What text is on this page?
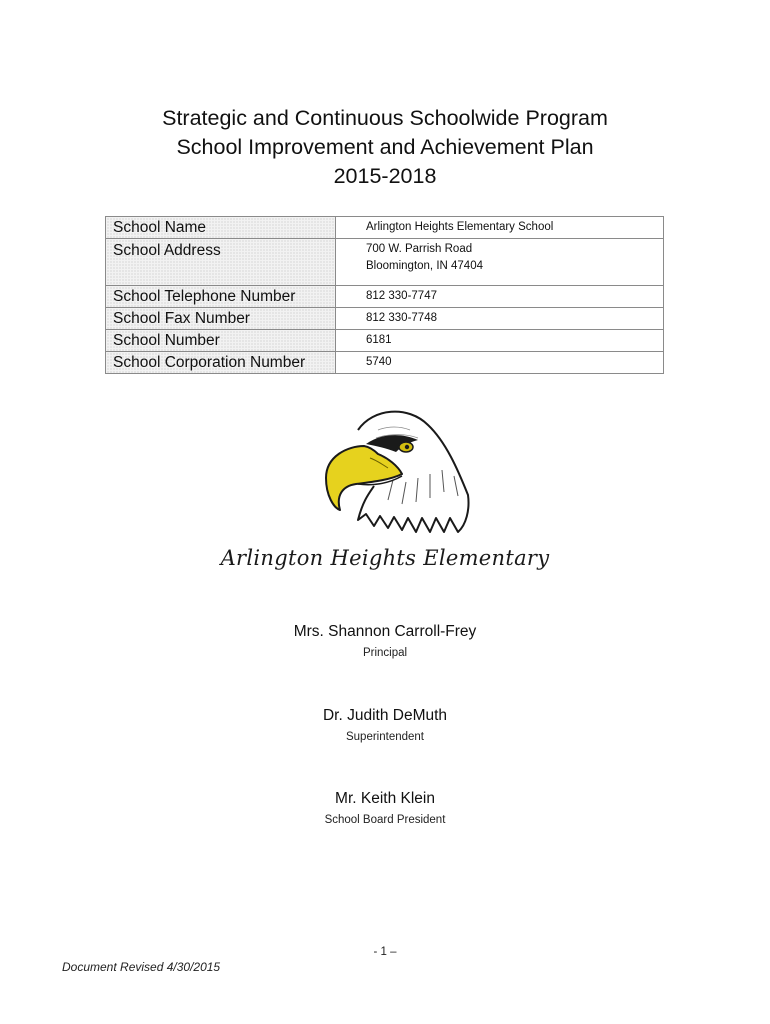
Strategic and Continuous Schoolwide Program
School Improvement and Achievement Plan
2015-2018
School Name	Arlington Heights Elementary School
School Address	700 W. Parrish Road
Bloomington, IN 47404

School Telephone Number	812 330-7747
School Fax Number	812 330-7748
School Number	6181
School Corporation Number	5740
Arlington Heights Elementary
Mrs. Shannon Carroll-Frey
Principal
Dr. Judith DeMuth
Superintendent
Mr. Keith Klein
School Board President
- 1 –
Document Revised 4/30/2015
